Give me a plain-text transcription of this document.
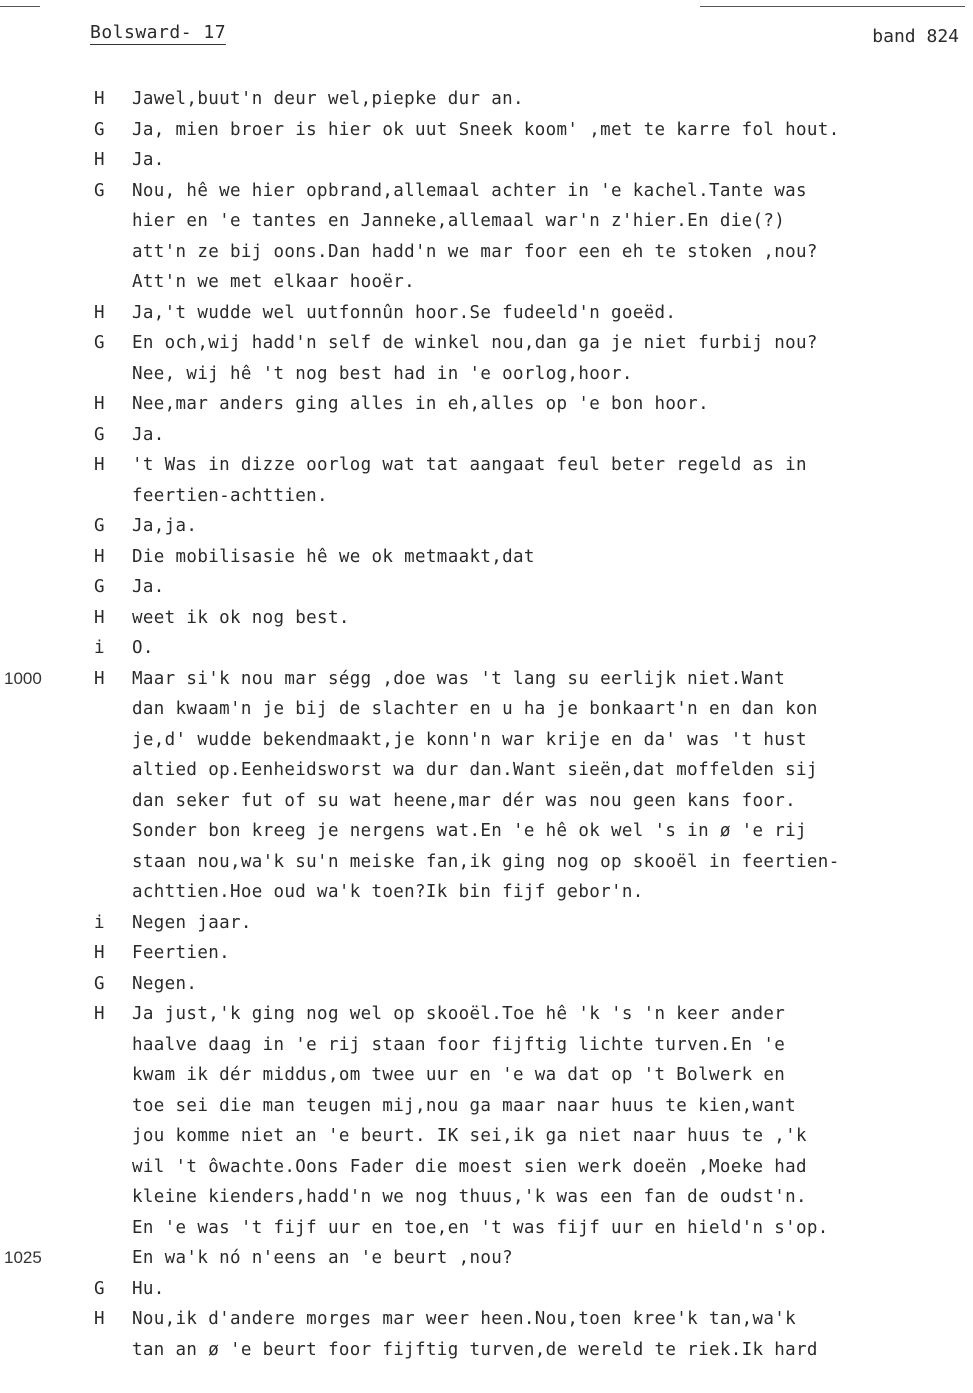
Bolsward- 17	band 824
H	Jawel,buut'n deur wel,piepke dur an.
G	Ja, mien broer is hier ok uut Sneek koom' ,met te karre fol hout.
H	Ja.
G	Nou, hê we hier opbrand,allemaal achter in 'e kachel.Tante was
hier en 'e tantes en Janneke,allemaal war'n z'hier.En die(?)
att'n ze bij oons.Dan hadd'n we mar foor een eh te stoken ,nou?
Att'n we met elkaar hooër.
H	Ja,'t wudde wel uutfonnûn hoor.Se fudeeld'n goeëd.
G	En och,wij hadd'n self de winkel nou,dan ga je niet furbij nou?
Nee, wij hê 't nog best had in 'e oorlog,hoor.
H	Nee,mar anders ging alles in eh,alles op 'e bon hoor.
G	Ja.
H	't Was in dizze oorlog wat tat aangaat feul beter regeld as in
feertien-achttien.
G	Ja,ja.
H	Die mobilisasie hê we ok metmaakt,dat
G	Ja.
H	weet ik ok nog best.
i	O.
1000	H	Maar si'k nou mar ségg ,doe was 't lang su eerlijk niet.Want
dan kwaam'n je bij de slachter en u ha je bonkaart'n en dan kon
je,d' wudde bekendmaakt,je konn'n war krije en da' was 't hust
altied op.Eenheidsworst wa dur dan.Want sieën,dat moffelden sij
dan seker fut of su wat heene,mar dér was nou geen kans foor.
Sonder bon kreeg je nergens wat.En 'e hê ok wel 's in ø 'e rij
staan nou,wa'k su'n meiske fan,ik ging nog op skooël in feertien-
achttien.Hoe oud wa'k toen?Ik bin fijf gebor'n.
i	Negen jaar.
H	Feertien.
G	Negen.
H	Ja just,'k ging nog wel op skooël.Toe hê 'k 's 'n keer ander
haalve daag in 'e rij staan foor fijftig lichte turven.En 'e
kwam ik dér middus,om twee uur en 'e wa dat op 't Bolwerk en
toe sei die man teugen mij,nou ga maar naar huus te kien,want
jou komme niet an 'e beurt. IK sei,ik ga niet naar huus te ,'k
wil 't ôwachte.Oons Fader die moest sien werk doeën ,Moeke had
kleine kienders,hadd'n we nog thuus,'k was een fan de oudst'n.
En 'e was 't fijf uur en toe,en 't was fijf uur en hield'n s'op.
1025	En wa'k nó n'eens an 'e beurt ,nou?
G	Hu.
H	Nou,ik d'andere morges mar weer heen.Nou,toen kree'k tan,wa'k
tan an ø 'e beurt foor fijftig turven,de wereld te riek.Ik hard
